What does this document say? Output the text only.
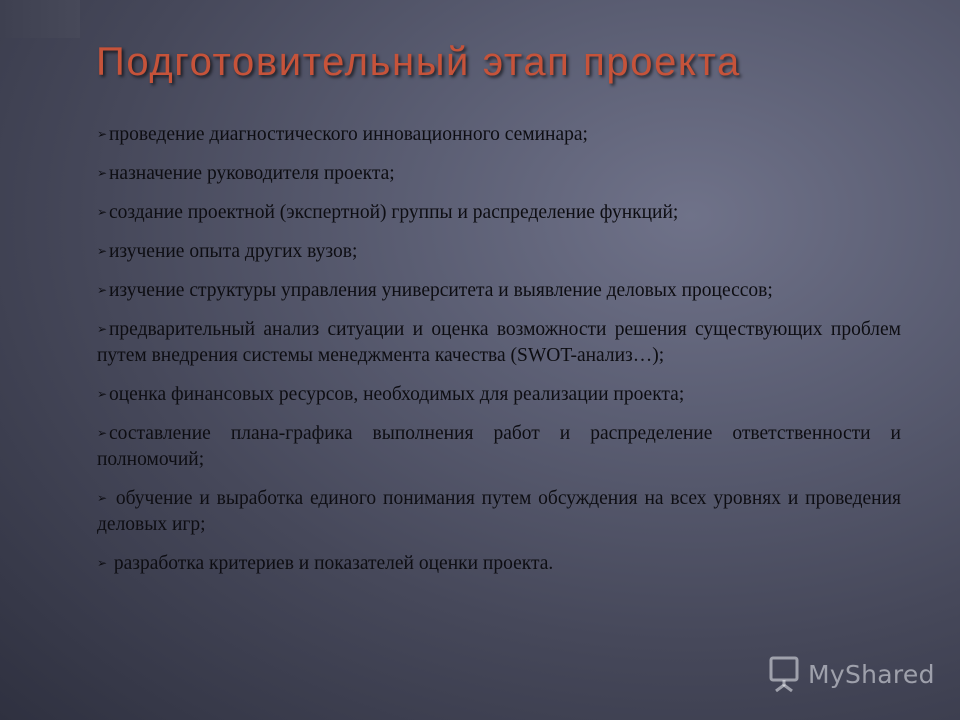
Подготовительный этап проекта
➢проведение диагностического инновационного семинара;
➢назначение руководителя проекта;
➢создание проектной (экспертной) группы и распределение функций;
➢изучение опыта других вузов;
➢изучение структуры управления университета и выявление деловых процессов;
➢предварительный анализ ситуации и оценка возможности решения существующих проблем путем внедрения системы менеджмента качества (SWOT-анализ…);
➢оценка финансовых ресурсов, необходимых для реализации проекта;
➢составление плана-графика выполнения работ и распределение ответственности и полномочий;
➢ обучение и выработка единого понимания путем обсуждения на всех уровнях и проведения деловых игр;
➢ разработка критериев и показателей оценки проекта.
MyShared
